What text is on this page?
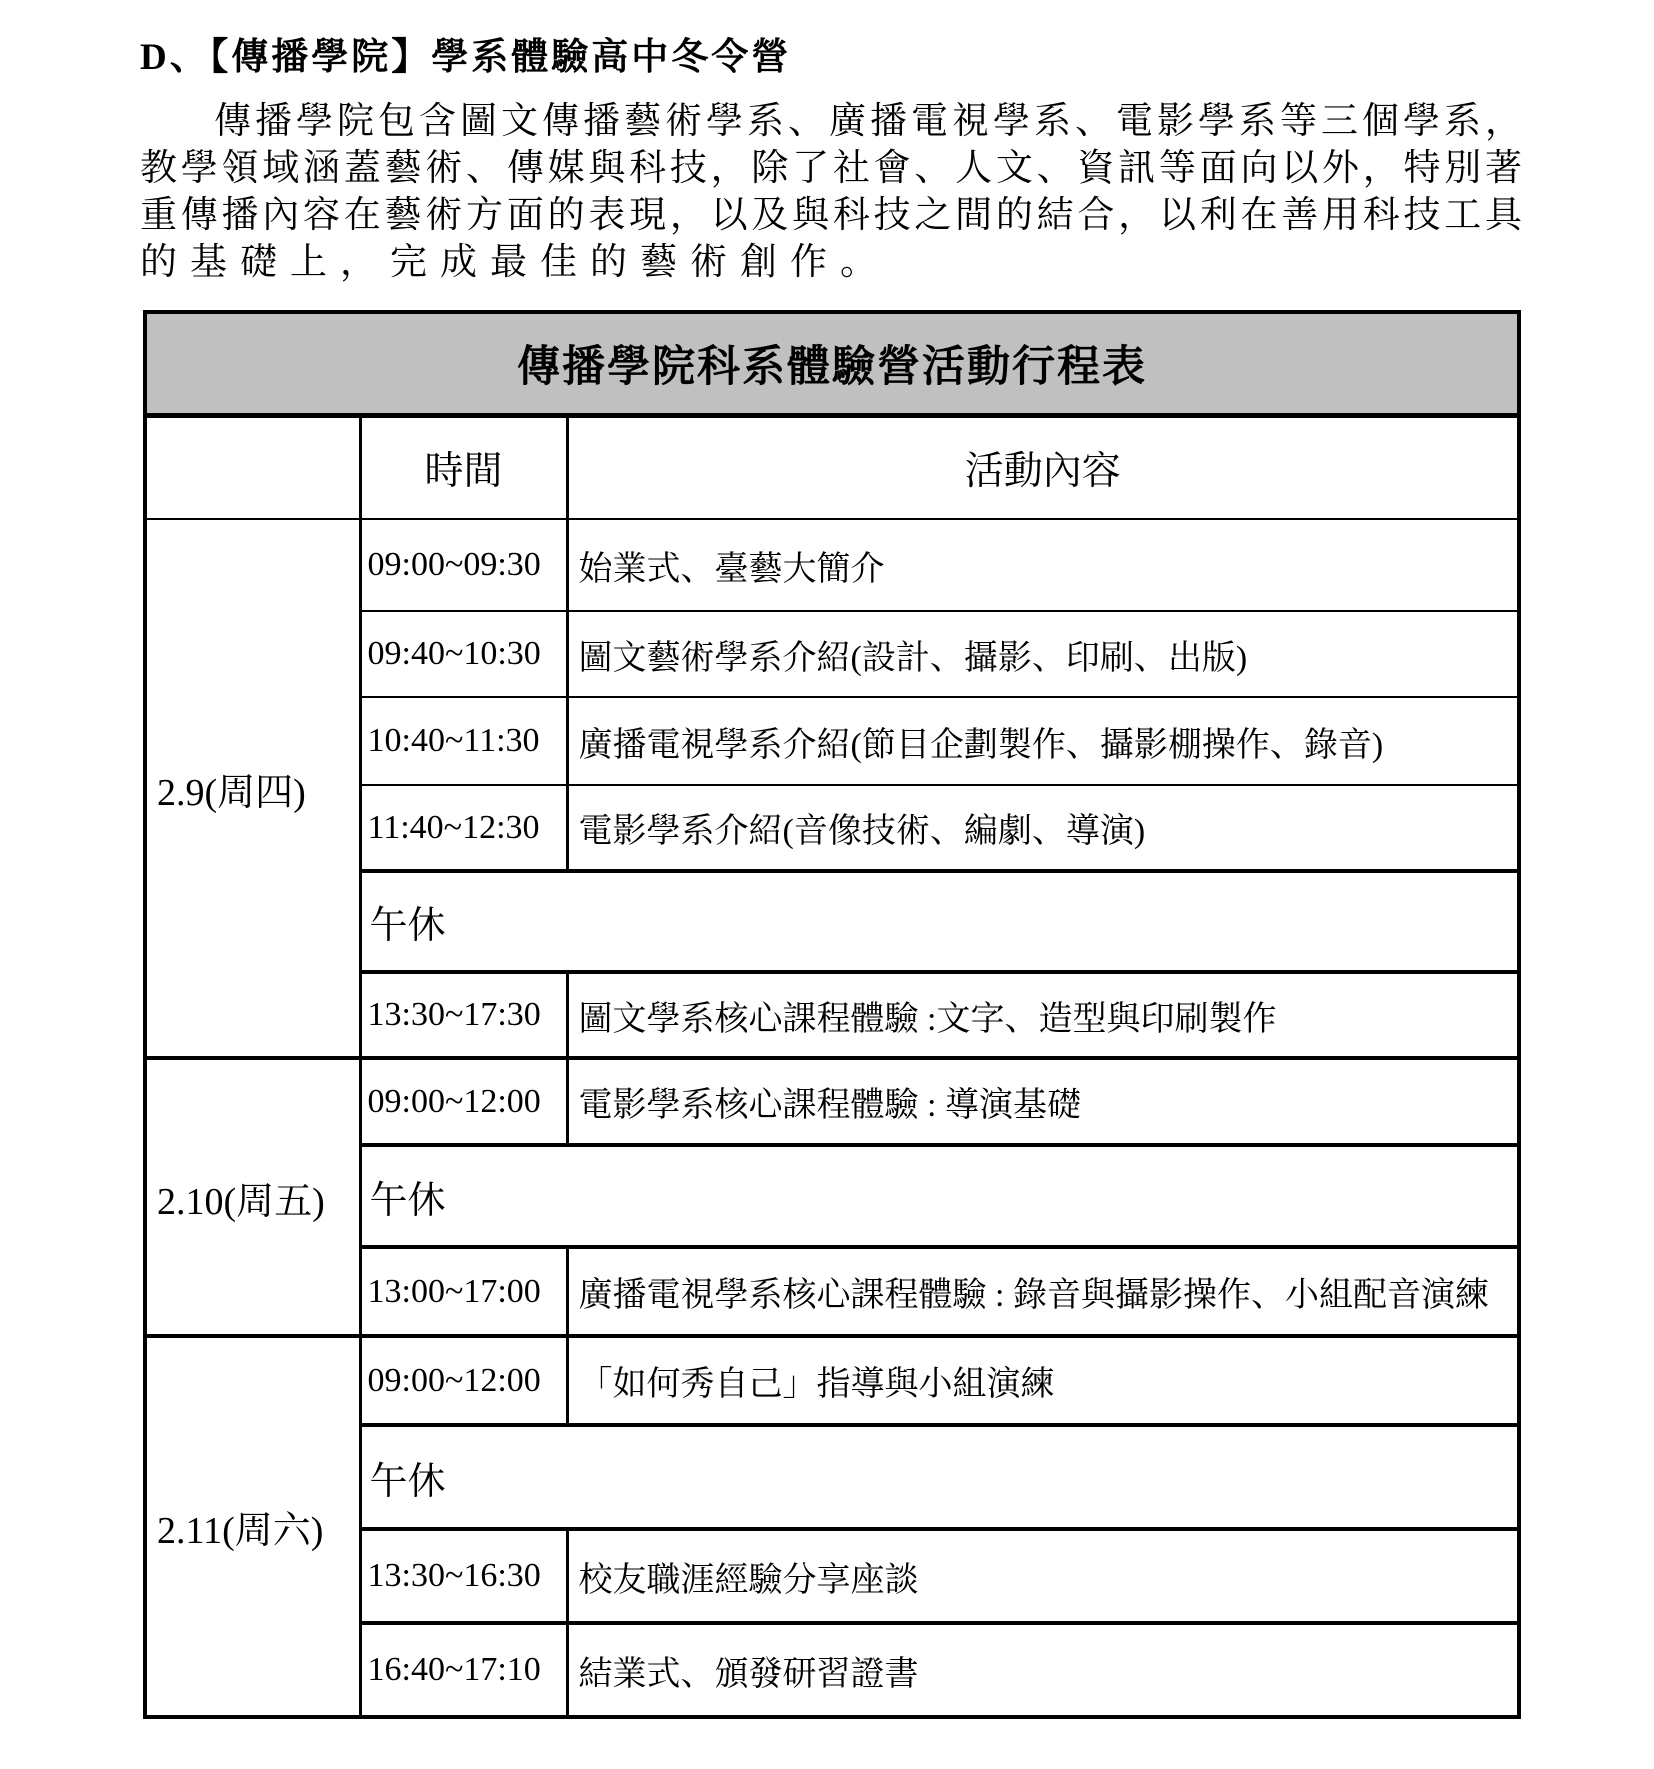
D、【傳播學院】學系體驗高中冬令營
傳播學院包含圖文傳播藝術學系、廣播電視學系、電影學系等三個學系，
教學領域涵蓋藝術、傳媒與科技，除了社會、人文、資訊等面向以外，特別著
重傳播內容在藝術方面的表現，以及與科技之間的結合，以利在善用科技工具
的基礎上，完成最佳的藝術創作。
傳播學院科系體驗營活動行程表		
	時間	活動內容
2.9(周四)	09:00~09:30	始業式、臺藝大簡介
	09:40~10:30	圖文藝術學系介紹(設計、攝影、印刷、出版)
	10:40~11:30	廣播電視學系介紹(節目企劃製作、攝影棚操作、錄音)
	11:40~12:30	電影學系介紹(音像技術、編劇、導演)
	午休	
	13:30~17:30	圖文學系核心課程體驗 :文字、造型與印刷製作
2.10(周五)	09:00~12:00	電影學系核心課程體驗 : 導演基礎
	午休	
	13:00~17:00	廣播電視學系核心課程體驗 : 錄音與攝影操作、小組配音演練
2.11(周六)	09:00~12:00	「如何秀自己」指導與小組演練
	午休	
	13:30~16:30	校友職涯經驗分享座談
	16:40~17:10	結業式、頒發研習證書
